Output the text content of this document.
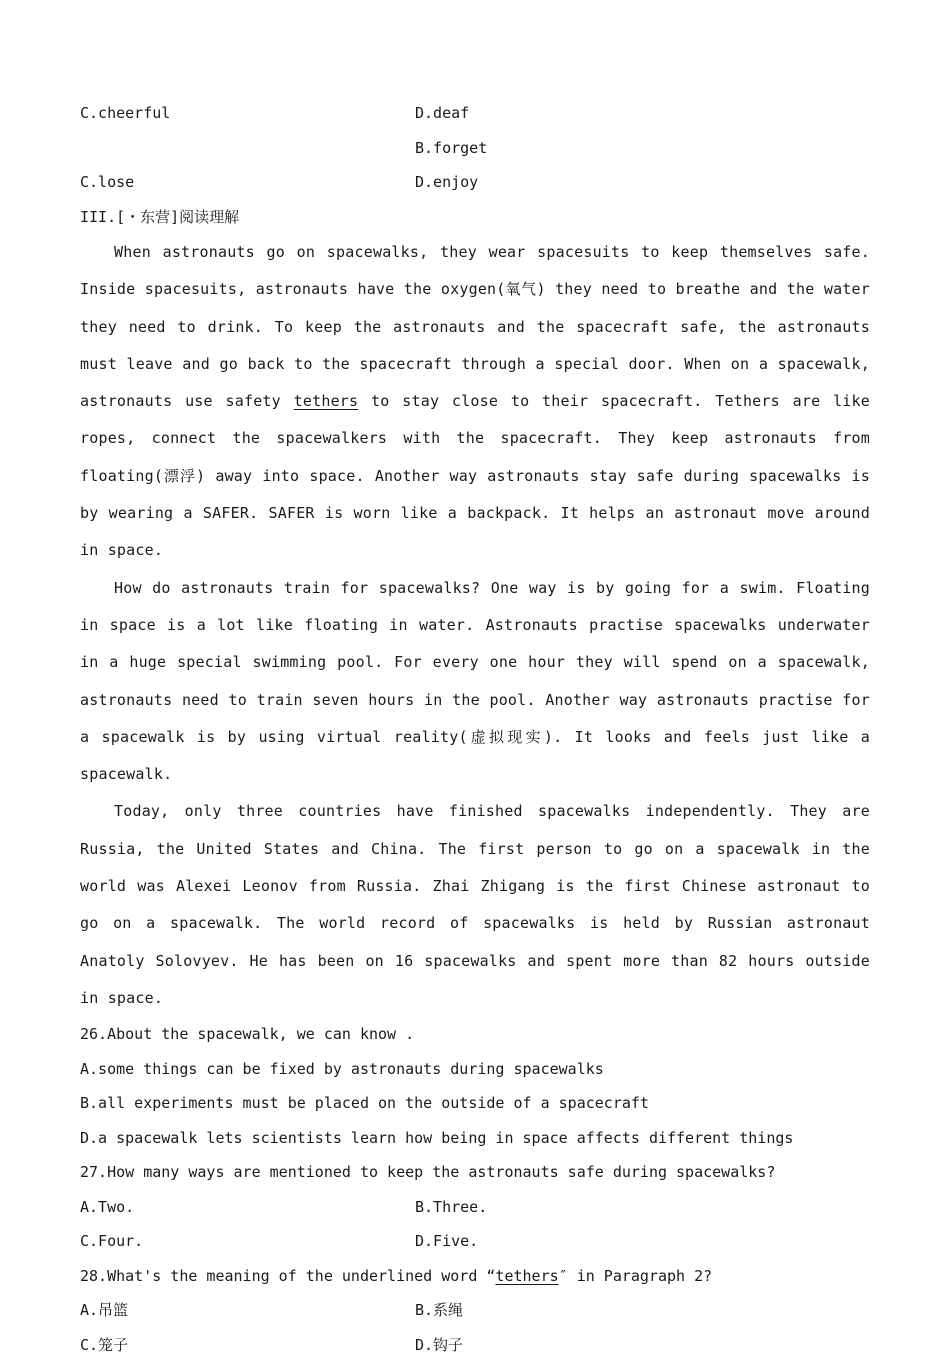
C.cheerful	D.deaf
B.forget
C.lose	D.enjoy
III.[・东营]阅读理解

When astronauts go on spacewalks, they wear spacesuits to keep themselves safe. Inside spacesuits, astronauts have the oxygen(氧气) they need to breathe and the water they need to drink. To keep the astronauts and the spacecraft safe, the astronauts must leave and go back to the spacecraft through a special door. When on a spacewalk, astronauts use safety tethers to stay close to their spacecraft. Tethers are like ropes, connect the spacewalkers with the spacecraft. They keep astronauts from floating(漂浮) away into space. Another way astronauts stay safe during spacewalks is by wearing a SAFER. SAFER is worn like a backpack. It helps an astronaut move around in space.

How do astronauts train for spacewalks? One way is by going for a swim. Floating in space is a lot like floating in water. Astronauts practise spacewalks underwater in a huge special swimming pool. For every one hour they will spend on a spacewalk, astronauts need to train seven hours in the pool. Another way astronauts practise for a spacewalk is by using virtual reality(虚拟现实). It looks and feels just like a spacewalk.

Today, only three countries have finished spacewalks independently. They are Russia, the United States and China. The first person to go on a spacewalk in the world was Alexei Leonov from Russia. Zhai Zhigang is the first Chinese astronaut to go on a spacewalk. The world record of spacewalks is held by Russian astronaut Anatoly Solovyev. He has been on 16 spacewalks and spent more than 82 hours outside in space.

26.About the spacewalk, we can know .
A.some things can be fixed by astronauts during spacewalks
B.all experiments must be placed on the outside of a spacecraft
D.a spacewalk lets scientists learn how being in space affects different things
27.How many ways are mentioned to keep the astronauts safe during spacewalks?
A.Two.	B.Three.
C.Four.	D.Five.
28.What's the meaning of the underlined word “tethers″ in Paragraph 2?
A.吊篮	B.系绳
C.笼子	D.钩子
